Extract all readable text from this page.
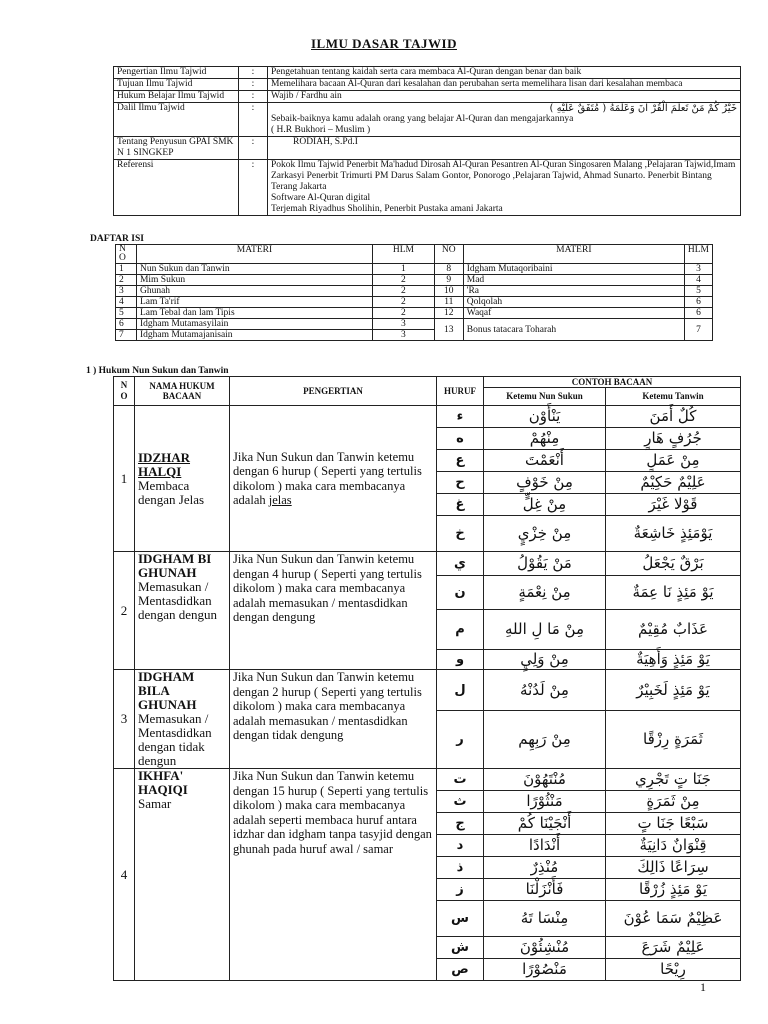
ILMU DASAR TAJWID
Pengertian Ilmu Tajwid	:	Pengetahuan tentang kaidah serta cara membaca Al-Quran dengan benar dan baik

Tujuan Ilmu Tajwid	:	Memelihara bacaan Al-Quran dari kesalahan dan perubahan serta memelihara lisan dari kesalahan membaca

Hukum Belajar Ilmu Tajwid	:	Wajib / Fardhu ain

Dalil Ilmu Tajwid	:	خَيْرُ كُمْ مَنْ تَعلَمَ الْقُرْ انَ وَعَلَمَهُ ( مُتَفَقٌ عَلَيْهِ )
Sebaik-baiknya kamu adalah orang yang belajar Al-Quran dan mengajarkannya
( H.R Bukhori – Muslim )

Tentang Penyusun GPAI SMK N 1 SINGKEP	:	RODIAH, S.Pd.I

Referensi	:	Pokok Ilmu Tajwid Penerbit Ma'hadud Dirosah Al-Quran Pesantren Al-Quran Singosaren Malang ,Pelajaran Tajwid,Imam Zarkasyi Penerbit Trimurti PM Darus Salam Gontor, Ponorogo ,Pelajaran Tajwid, Ahmad Sunarto. Penerbit Bintang Terang Jakarta
Software Al-Quran digital
Terjemah Riyadhus Sholihin, Penerbit Pustaka amani Jakarta
DAFTAR ISI
N O	MATERI	HLM	NO	MATERI	HLM
1	Nun Sukun dan Tanwin	1	8	Idgham Mutaqoribaini	3
2	Mim Sukun	2	9	Mad	4
3	Ghunah	2	10	'Ra	5
4	Lam Ta'rif	2	11	Qolqolah	6
5	Lam Tebal dan lam Tipis	2	12	Waqaf	6
6	Idgham Mutamasyilain	3	13	Bonus tatacara Toharah	7
7	Idgham Mutamajanisain	3			
1 ) Hukum Nun Sukun dan Tanwin
N O	NAMA HUKUM BACAAN	PENGERTIAN	HURUF	CONTOH BACAAN	
				Ketemu Nun Sukun	Ketemu Tanwin
1	IDZHAR HALQI
Membaca dengan Jelas	Jika Nun Sukun dan Tanwin ketemu dengan 6 hurup ( Seperti yang tertulis dikolom ) maka cara membacanya adalah jelas	ء	يَنْأَوْن	كُلٌ أَمَنَ
			ه	مِنْهُمْ	جُرُفٍ هَارٍ
			ع	أَنْعَمْتَ	مِنْ عَمَلٍ
			ح	مِنْ خَوْفٍ	عَلِيْمٌ حَكِيْمٌ
			غ	مِنْ غِلٍّ	قَوْلا غَيْرَ
			خ	مِنْ خِزْيٍ	يَوْمَئِذٍ خَاشِعَةٌ
2	IDGHAM BI GHUNAH
Memasukan / Mentasdidkan dengan dengun	Jika Nun Sukun dan Tanwin ketemu dengan 4 hurup ( Seperti yang tertulis dikolom ) maka cara membacanya adalah memasukan / mentasdidkan dengan dengung	ي	مَنْ يَقُوْلُ	بَرْقٌ يَجْعَلُ
			ن	مِنْ نِعْمَةٍ	يَوْ مَئِذٍ نَا عِمَةٌ
			م	مِنْ مَا لِ اللهِ	عَذَابٌ مُقِيْمٌ
			و	مِنْ وَلِيٍ	يَوْ مَئِذٍ وَأَهِيَةٌ
3	IDGHAM BILA GHUNAH
Memasukan / Mentasdidkan dengan tidak dengun	Jika Nun Sukun dan Tanwin ketemu dengan 2 hurup ( Seperti yang tertulis dikolom ) maka cara membacanya adalah memasukan / mentasdidkan dengan tidak dengung	ل	مِنْ لَدُنْهُ	يَوْ مَئِذٍ لَخَبِيْرٌ
			ر	مِنْ رَبِهِم	ثَمَرَةٍ رِزْقًا
4	IKHFA' HAQIQI
Samar	Jika Nun Sukun dan Tanwin ketemu dengan 15 hurup ( Seperti yang tertulis dikolom ) maka cara membacanya adalah seperti membaca huruf antara idzhar dan idgham tanpa tasyjid dengan ghunah pada huruf awal / samar	ت	مُنْتَهُوْنَ	جَنَا تٍ تَجْرِي
			ث	مَنْثُوْرًا	مِنْ ثَمَرَةٍ
			ج	أَنْجَيْنَا كُمْ	سَبْعًا جَنَا تٍ
			د	أَنْدَادًا	قِنْوَانٌ دَانِيَةٌ
			ذ	مُنْذِرٌ	سِرَاعًا ذَالِكَ
			ز	فَأَنْزَلْنَا	يَوْ مَئِذٍ زُرْقًا
			س	مِنْسَا تَهُ	عَظِيْمٌ سَمَا عُوْنَ
			ش	مُنْشِئُوْنَ	عَلِيْمٌ شَرَعَ
			ص	مَنْصُوْرًا	رِيْحًا
1
